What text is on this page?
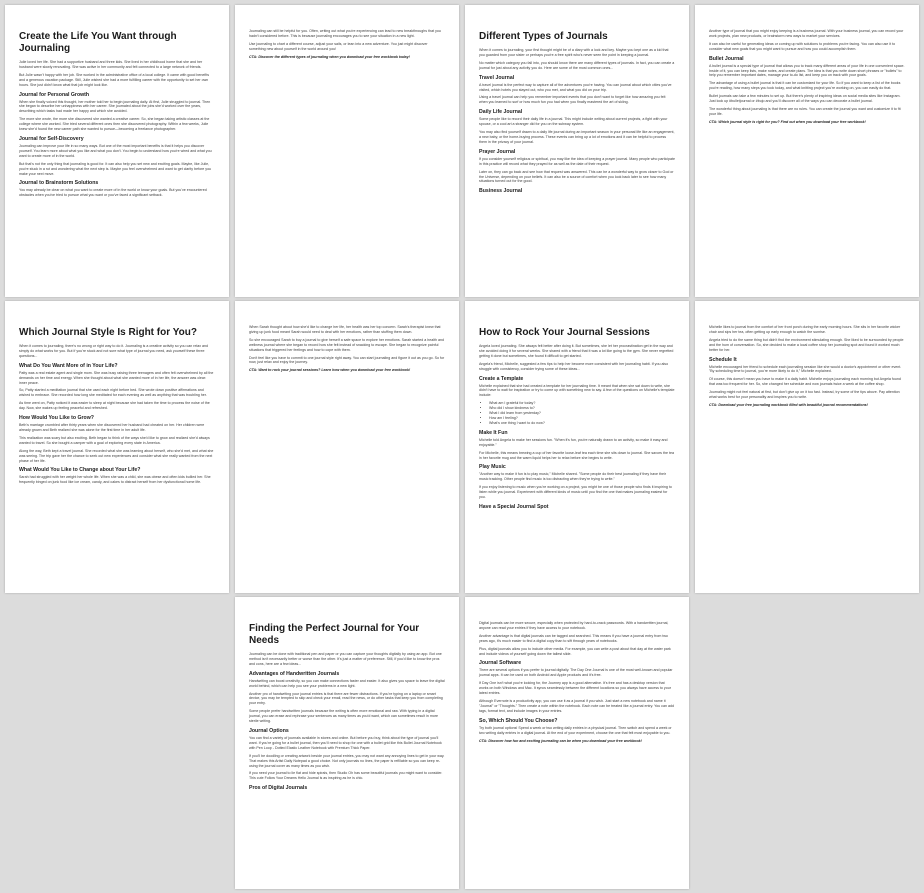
Create the Life You Want through Journaling

Julie loved her life. She had a supportive husband and three kids. She lived in her childhood home that she and her husband were slowly renovating. She was active in her community and felt connected to a large network of friends.

But Julie wasn't happy with her job. She worked in the administrative office of a local college. It came with good benefits and a generous vacation package. Still, Julie wished she had a more fulfilling career with the opportunity to set her own hours. She just didn't know what that job might look like.

Journal for Personal Growth

When she finally voiced this thought, her mother told her to begin journaling daily. At first, Julie struggled to journal. Then she began to describe her unhappiness with her career. She journaled about the jobs she'd worked over the years, describing which tasks had made her happy and which she avoided.

The more she wrote, the more she discovered she wanted a creative career. So, she began taking artistic classes at the college where she worked. She tried several different ones then she discovered photography. Within a few weeks, Julie knew she'd found the new career path she wanted to pursue—becoming a freelance photographer.

Journal for Self-Discovery

Journaling can improve your life in so many ways. But one of the most important benefits is that it helps you discover yourself. You learn more about what you like and what you don't. You begin to understand how you're wired and what you want to create more of in the world.

But that's not the only thing that journaling is good for. It can also help you set new and exciting goals. Maybe, like Julie, you're stuck in a rut and wondering what the next step is. Maybe you feel overwhelmed and want to get clarity before you make your next move.

Journal to Brainstorm Solutions

You may already be clear on what you want to create more of in the world or know your goals. But you've encountered obstacles when you've tried to pursue what you want or you've faced a significant setback.

Journaling can still be helpful for you. Often, writing out what you're experiencing can lead to new breakthroughs that you hadn't considered before. This is because journaling encourages you to see your situation in a new light.

Use journaling to chart a different course, adjust your sails, or lean into a new adventure. You just might discover something new about yourself in the world around you!

CTA: Discover the different types of journaling when you download your free workbook today!

Different Types of Journals

When it comes to journaling, your first thought might be of a diary with a lock and key. Maybe you kept one as a kid that you guarded from your sister or perhaps you're a free spirit who's never seen the point in keeping a journal.

No matter which category you fall into, you should know there are many different types of journals. In fact, you can create a journal for just about any activity you do. Here are some of the most common ones...

Travel Journal

A travel journal is the perfect way to capture all of the adventures you're having. You can journal about which cities you've visited, which hotels you stayed out, who you met, and what you did on your trip.

Using a travel journal can help you remember important events that you don't want to forget like how amazing you felt when you learned to surf or how much fun you had when you finally mastered the art of skiing.

Daily Life Journal

Some people like to record their daily life in a journal. This might include writing about current projects, a fight with your spouse, or a cool art a stranger did for you on the subway system.

You may also find yourself drawn to a daily life journal during an important season in your personal life like an engagement, a new baby, or the home-buying process. These events can bring up a lot of emotions and it can be helpful to process them in the privacy of your journal.

Prayer Journal

If you consider yourself religious or spiritual, you may like the idea of keeping a prayer journal. Many people who participate in this practice will record what they prayed for as well as the date of their request.

Later on, they can go back and see how that request was answered. This can be a wonderful way to grow closer to God or the Universe, depending on your beliefs. It can also be a source of comfort when you look back later to see how many situations turned out for the good.

Business Journal

Another type of journal that you might enjoy keeping is a business journal. With your business journal, you can record your work projects, plan new products, or brainstorm new ways to market your services.

It can also be useful for generating ideas or coming up with solutions to problems you're facing. You can also use it to consider what new goals that you might want to pursue and how you could accomplish them.

Bullet Journal

A bullet journal is a special type of journal that allows you to track many different areas of your life in one convenient space. Inside of it, you can keep lists, make notes, and create plans. The idea is that you write down short phrases or "bullets" to help you remember important dates, manage your to-do list, and keep you on track with your goals.

The advantage of using a bullet journal is that it can be customized for your life. So if you want to keep a list of the books you're reading, how many steps you took today, and what knitting project you're working on, you can easily do that.

Bullet journals can take a few minutes to set up. But there's plenty of inspiring ideas on social media sites like Instagram. Just look up #bulletjournal or #bujo and you'll discover all of the ways you can decorate a bullet journal.

The wonderful thing about journaling is that there are no rules. You can create the journal you want and customize it to fit your life.

CTA: Which journal style is right for you? Find out when you download your free workbook!

Which Journal Style Is Right for You?

When it comes to journaling, there's no wrong or right way to do it. Journaling is a creative activity so you can relax and simply do what works for you. But if you're stuck and not sure what type of journal you need, ask yourself these three questions...

What Do You Want More of in Your Life?

Patty was a real estate agent and single mom. She was busy raising three teenagers and often felt overwhelmed by all the demands on her time and energy. When she thought about what she wanted more of in her life, the answer was clear: inner peace.

So, Patty started a meditation journal that she used each night before bed. She wrote down positive affirmations and wished to embrace. She recorded how long she meditated for each evening as well as anything that was troubling her.

As time went on, Patty noticed it was easier to sleep at night because she had taken the time to process the noise of the day. Now, she wakes up feeling peaceful and refreshed.

How Would You Like to Grow?

Beth's marriage crumbled after thirty years when she discovered her husband had cheated on her. Her children were already grown and Beth realized she was alone for the first time in her adult life.

This realization was scary but also exciting. Beth began to think of the ways she'd like to grow and realized she'd always wanted to travel. So she bought a camper with a goal of exploring every state in America.

Along the way, Beth kept a travel journal. She recorded what she was learning about herself, who she'd met, and what she was seeing. The trip gave her the chance to seek out new experiences and consider what she really wanted from the next phase of her life.

What Would You Like to Change about Your Life?

Sarah had struggled with her weight her whole life. When she was a child, she was obese and often kids bullied her. She frequently binged on junk food like ice cream, candy, and cakes to distract herself from her dysfunctional home life.

When Sarah thought about how she'd like to change her life, her health was her top concern. Sarah's therapist knew that giving up junk food meant Sarah would need to deal with her emotions, rather than stuffing them down.

So she encouraged Sarah to buy a journal to give herself a safe space to explore her emotions. Sarah started a health and wellness journal where she began to record how she felt instead of snacking to escape. She began to recognize painful situations that triggered her feelings and how to cope with them.

Don't feel like you have to commit to one journal style right away. You can start journaling and figure it out as you go. So for now, just relax and enjoy the journey.

CTA: Want to rock your journal sessions? Learn how when you download your free workbook!

How to Rock Your Journal Sessions

Angela loved journaling. She always felt better after doing it. But sometimes, she let her procrastination get in the way and she avoided doing it for several weeks. She shared with a friend that it was a lot like going to the gym. She never regretted getting it done but sometimes, she found it difficult to get started.

Angela's friend, Michelle, suggested a few tips to help her become more consistent with her journaling habit. If you also struggle with consistency, consider trying some of these ideas...

Create a Template

Michelle explained that she had created a template for her journaling time. It meant that when she sat down to write, she didn't have to wait for inspiration or try to come up with something new to say. A few of the questions on Michelle's template include:

• What am I grateful for today?
• Who did I show kindness to?
• What I did learn from yesterday?
• How am I feeling?
• What's one thing I want to do now?
Make It Fun

Michelle told Angela to make her sessions fun. "When it's fun, you're naturally drawn to an activity, so make it easy and enjoyable."

For Michelle, this means brewing a cup of her favorite loose-leaf tea each time she sits down to journal. She savors the tea in her favorite mug and the warm liquid helps her to relax before she begins to write.

Play Music

"Another way to make it fun is to play music," Michelle shared. "Some people do their best journaling if they have their music tracking. Other people find music is too distracting when they're trying to write."

If you enjoy listening to music when you're working on a project, you might be one of those people who finds it inspiring to listen while you journal. Experiment with different kinds of music until you find the one that makes journaling easiest for you.

Have a Special Journal Spot

Michelle likes to journal from the comfort of her front porch during the early morning hours. She sits in her favorite wicker chair and sips her tea, often getting up early enough to watch the sunrise.

Angela tried to do the same thing but didn't find the environment stimulating enough. She liked to be surrounded by people and the hum of conversation. So, she decided to make a local coffee shop her journaling spot and found it worked much better for her.

Schedule It

Michelle encouraged her friend to schedule each journaling session like she would a doctor's appointment or other event. "By scheduling time to journal, you're more likely to do it," Michelle explained.

Of course, this doesn't mean you have to make it a daily habit. Michelle enjoys journaling each morning but Angela found that was too frequent for her. So, she changed her schedule and now journals twice a week at the coffee shop.

Journaling might not feel natural at first, but don't give up on it too fast. Instead, try some of the tips above. Pay attention what works best for your personality and inspires you to write.

CTA: Download your free journaling workbook filled with beautiful journal recommendations!

Finding the Perfect Journal for Your Needs

Journaling can be done with traditional pen and paper or you can capture your thoughts digitally by using an app. But one method isn't necessarily better or worse than the other. It's just a matter of preference. Still, if you'd like to know the pros and cons, here are a few ideas...

Advantages of Handwritten Journals

Handwriting can boost creativity, so you can make connections faster and easier. It also gives you space to leave the digital world behind, which can help you see your problems in a new light.

Another pro of handwriting your journal entries is that there are fewer distractions. If you're typing on a laptop or smart device, you may be tempted to skip and check your email, read the news, or do other tasks that keep you from completing your entry.

Some people prefer handwritten journals because the writing is often more emotional and raw. With typing in a digital journal, you can erase and rephrase your sentences as many times as you'd want, which can sometimes result in more sterile writing.

Journal Options

You can find a variety of journals available in stores and online. But before you buy, think about the type of journal you'll want. If you're going for a bullet journal, then you'll need to shop for one with a bullet grid like this Bullet Journal Notebook with Pen Loop - Dotted Elastic Leather Notebook with Premium Thick Paper.

If you'll be doodling or creating artwork beside your journal entries, you may not want any annoying lines to get in your way. That makes this Artist Daily Notepad a good choice. Not only journals no lines, the paper is refillable so you can keep re-using the journal cover as many times as you wish.

If you need your journal to lie flat and hide spirals, then Studio Oh has some beautiful journals you might want to consider. This cute Follow Your Dreams Hello Journal is as inspiring as he is chic.

Pros of Digital Journals

Digital journals can be more secure, especially when protected by hard-to-crack passwords. With a handwritten journal, anyone can read your entries if they have access to your notebook.

Another advantage is that digital journals can be tagged and searched. This means if you have a journal entry from two years ago, it's much easier to find a digital copy than to sift through years of notebooks.

Plus, digital journals allow you to include other media. For example, you can write a post about that day at the water park and include videos of yourself going down the tallest slide.

Journal Software

There are several options if you prefer to journal digitally. The Day One Journal is one of the most well-known and popular journal apps. It can be used on both Android and Apple products and it's free.

If Day One isn't what you're looking for, the Journey app is a good alternative. It's free and has a desktop version that works on both Windows and Mac. It syncs seamlessly between the different locations so you always have access to your latest entries.

Although Evernote is a productivity app, you can use it as a journal if you wish. Just start a new notebook and name it "Journal" or "Thoughts." Then create a note within the notebook. Each note can be treated like a journal entry. You can add tags, format text, and include images in your entries.

So, Which Should You Choose?

Try both journal options! Spend a week or two writing daily entries in a physical journal. Then switch and spend a week or two writing daily entries in a digital journal. At the end of your experiment, choose the one that felt most enjoyable to you.

CTA: Discover how fun and exciting journaling can be when you download your free workbook!
